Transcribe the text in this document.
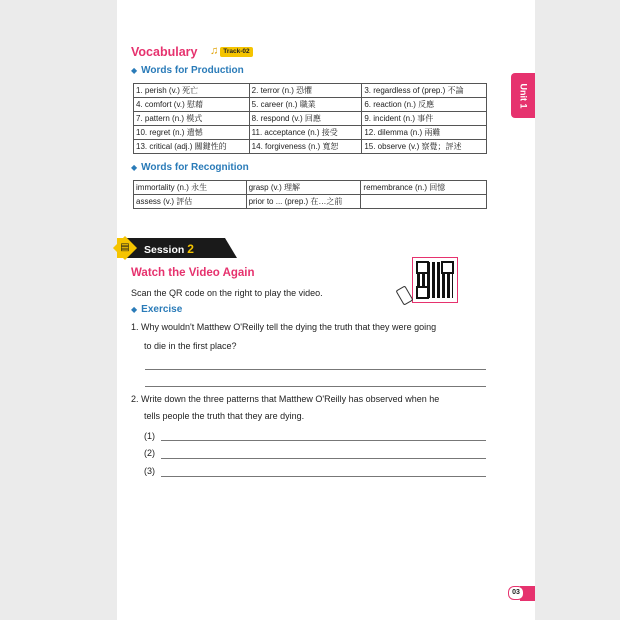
Unit 1
Vocabulary ♫ Track-02
◆ Words for Production
1. perish (v.) 死亡	2. terror (n.) 恐懼	3. regardless of (prep.) 不論
4. comfort (v.) 慰藉	5. career (n.) 職業	6. reaction (n.) 反應
7. pattern (n.) 模式	8. respond (v.) 回應	9. incident (n.) 事件
10. regret (n.) 遺憾	11. acceptance (n.) 接受	12. dilemma (n.) 兩難
13. critical (adj.) 關鍵性的	14. forgiveness (n.) 寬恕	15. observe (v.) 察覺；評述
◆ Words for Recognition
immortality (n.) 永生	grasp (v.) 理解	remembrance (n.) 回憶
assess (v.) 評估	prior to ... (prep.) 在…之前	
▤ Session 2
Watch the Video Again
Scan the QR code on the right to play the video.
◆ Exercise
1. Why wouldn't Matthew O'Reilly tell the dying the truth that they were going
to die in the first place?
2. Write down the three patterns that Matthew O'Reilly has observed when he
tells people the truth that they are dying.
(1)
(2)
(3)
03
